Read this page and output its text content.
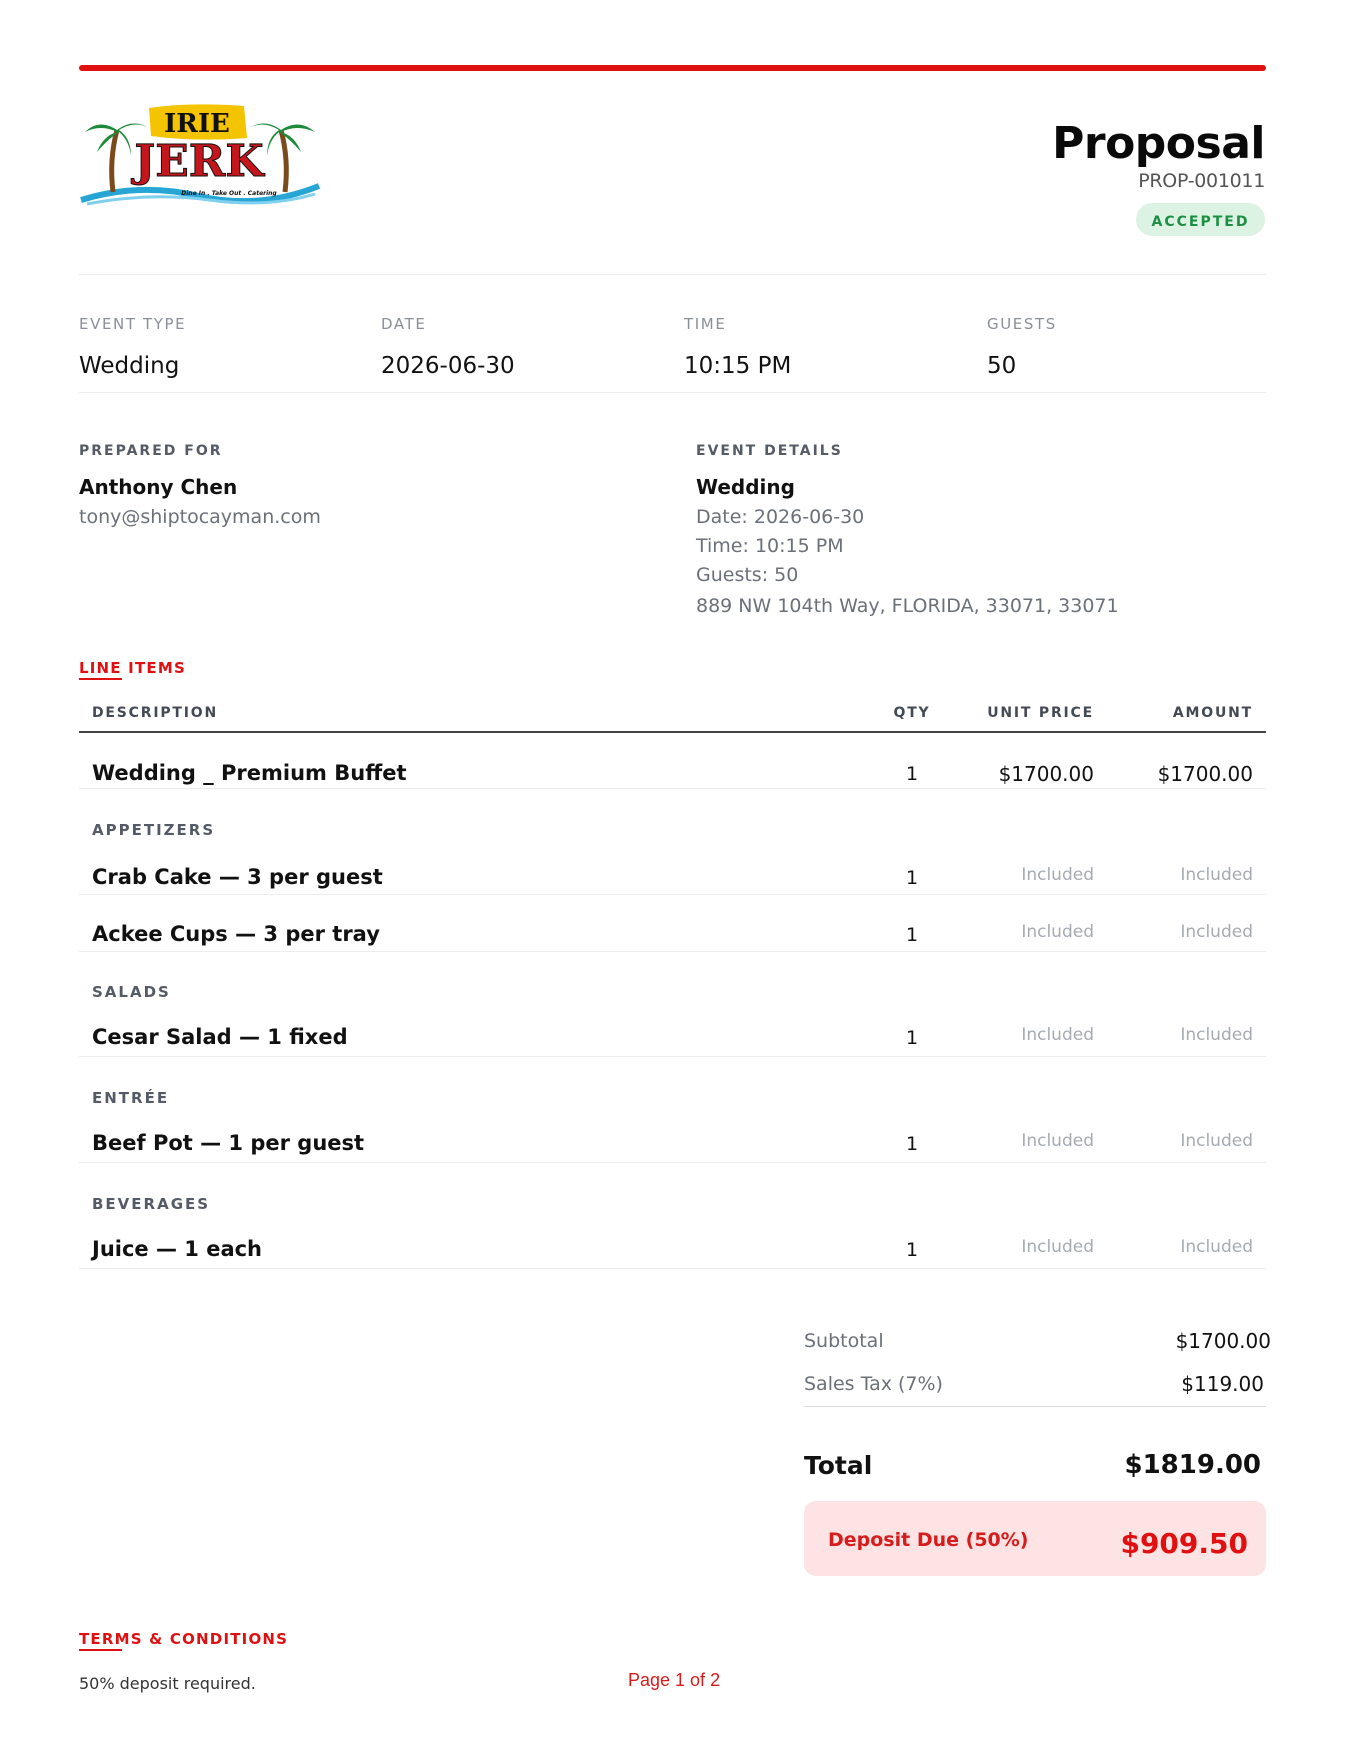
IRIE
JERK
Dine In . Take Out . Catering
Proposal
PROP-001011
ACCEPTED
EVENT TYPE
Wedding
DATE
2026-06-30
TIME
10:15 PM
GUESTS
50
PREPARED FOR
Anthony Chen
tony@shiptocayman.com
EVENT DETAILS
Wedding
Date: 2026-06-30
Time: 10:15 PM
Guests: 50
889 NW 104th Way, FLORIDA, 33071, 33071
LINE ITEMS
DESCRIPTION	QTY	UNIT PRICE	AMOUNT
Wedding _ Premium Buffet	1	$1700.00	$1700.00
APPETIZERS
Crab Cake — 3 per guest	1	Included	Included
Ackee Cups — 3 per tray	1	Included	Included
SALADS
Cesar Salad — 1 fixed	1	Included	Included
ENTRÉE
Beef Pot — 1 per guest	1	Included	Included
BEVERAGES
Juice — 1 each	1	Included	Included
Subtotal	$1700.00
Sales Tax (7%)	$119.00
Total	$1819.00
Deposit Due (50%)	$909.50
TERMS & CONDITIONS
50% deposit required.	Page 1 of 2
